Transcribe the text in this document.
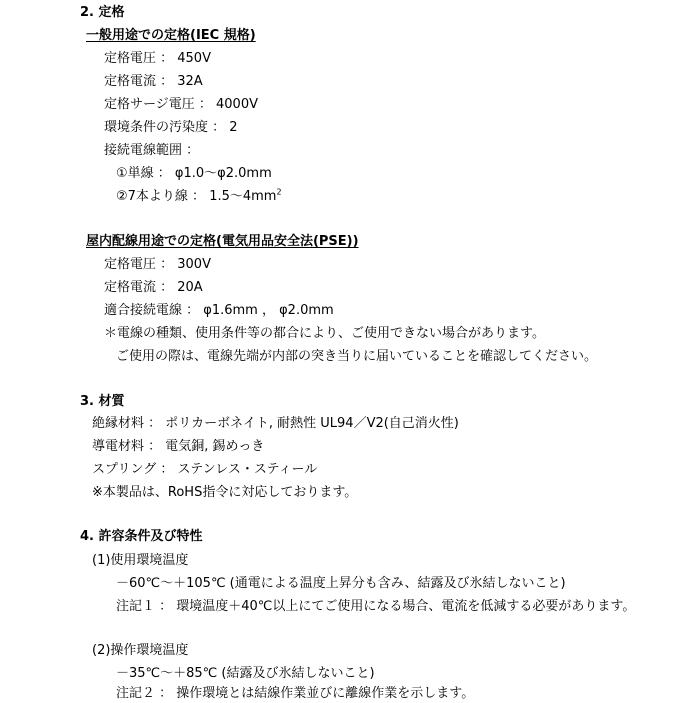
2. 定格
一般用途での定格(IEC 規格)
定格電圧 ： 450V
定格電流 ： 32A
定格サージ電圧 ： 4000V
環境条件の汚染度 ： 2
接続電線範囲 ：
①単線 ： φ1.0～φ2.0mm
②7本より線 ： $1.5\sim 4mm^2$
屋内配線用途での定格(電気用品安全法(PSE))
定格電圧 ： 300V
定格電流 ： 20A
適合接続電線 ： φ1.6mm ， φ2.0mm
＊電線の種類、使用条件等の都合により、ご使用できない場合があります。
ご使用の際は、電線先端が内部の突き当りに届いていることを確認してください。
3. 材質
絶縁材料 ： ポリカーボネイト, 耐熱性 UL94／V2(自己消火性)
導電材料 ： 電気銅, 錫めっき
スプリング ： ステンレス・スティール
※本製品は、RoHS指令に対応しております。
4. 許容条件及び特性
(1)使用環境温度
－60℃～＋105℃ (通電による温度上昇分も含み、結露及び氷結しないこと)
注記１ ： 環境温度＋40℃以上にてご使用になる場合、電流を低減する必要があります。
(2)操作環境温度
－35℃～＋85℃ (結露及び氷結しないこと)
注記２ ： 操作環境とは結線作業並びに離線作業を示します。
